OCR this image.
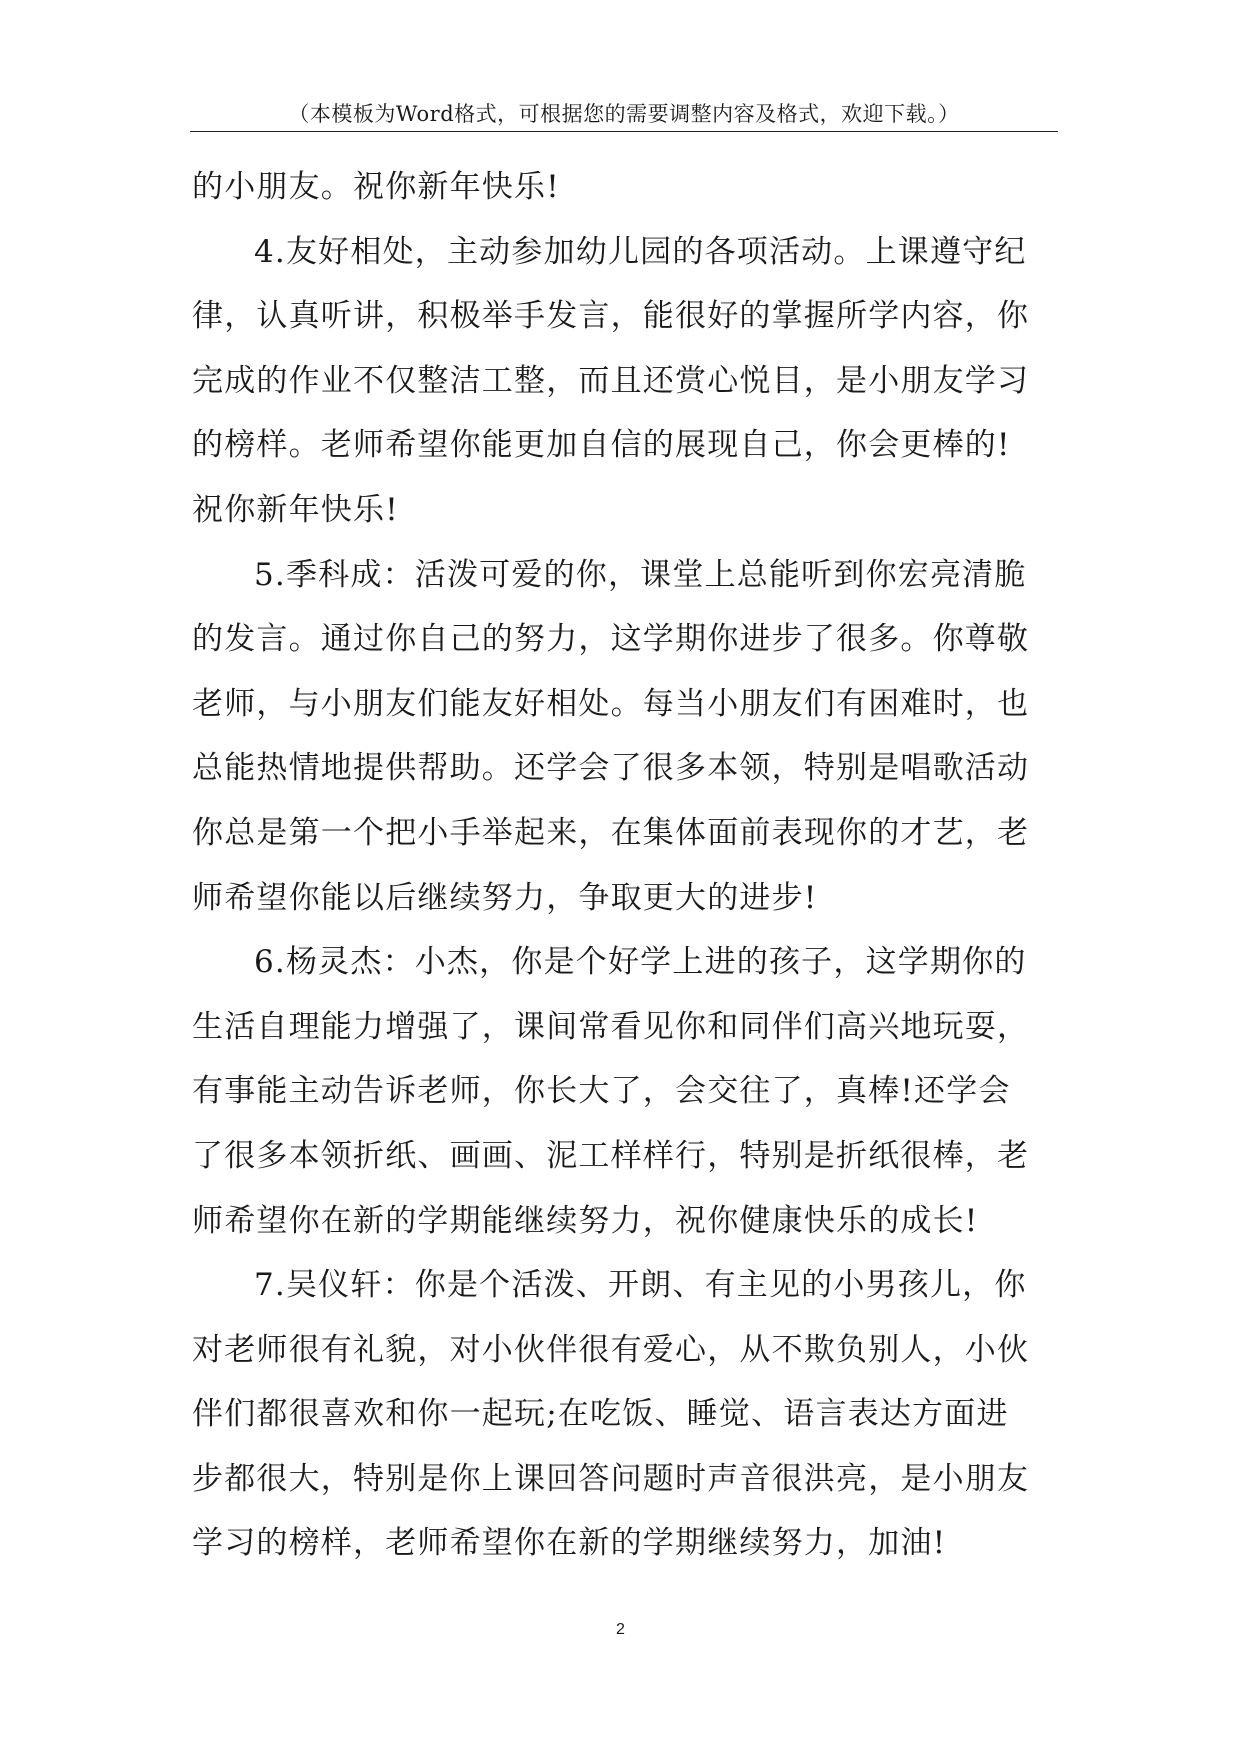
（本模板为Word格式，可根据您的需要调整内容及格式，欢迎下载。）
的小朋友。祝你新年快乐!
4.友好相处，主动参加幼儿园的各项活动。上课遵守纪
律，认真听讲，积极举手发言，能很好的掌握所学内容，你
完成的作业不仅整洁工整，而且还赏心悦目，是小朋友学习
的榜样。老师希望你能更加自信的展现自己，你会更棒的!
祝你新年快乐!
5.季科成：活泼可爱的你，课堂上总能听到你宏亮清脆
的发言。通过你自己的努力，这学期你进步了很多。你尊敬
老师，与小朋友们能友好相处。每当小朋友们有困难时，也
总能热情地提供帮助。还学会了很多本领，特别是唱歌活动
你总是第一个把小手举起来，在集体面前表现你的才艺，老
师希望你能以后继续努力，争取更大的进步!
6.杨灵杰：小杰，你是个好学上进的孩子，这学期你的
生活自理能力增强了，课间常看见你和同伴们高兴地玩耍，
有事能主动告诉老师，你长大了，会交往了，真棒!还学会
了很多本领折纸、画画、泥工样样行，特别是折纸很棒，老
师希望你在新的学期能继续努力，祝你健康快乐的成长!
7.吴仪轩：你是个活泼、开朗、有主见的小男孩儿，你
对老师很有礼貌，对小伙伴很有爱心，从不欺负别人，小伙
伴们都很喜欢和你一起玩;在吃饭、睡觉、语言表达方面进
步都很大，特别是你上课回答问题时声音很洪亮，是小朋友
学习的榜样，老师希望你在新的学期继续努力，加油!
2
